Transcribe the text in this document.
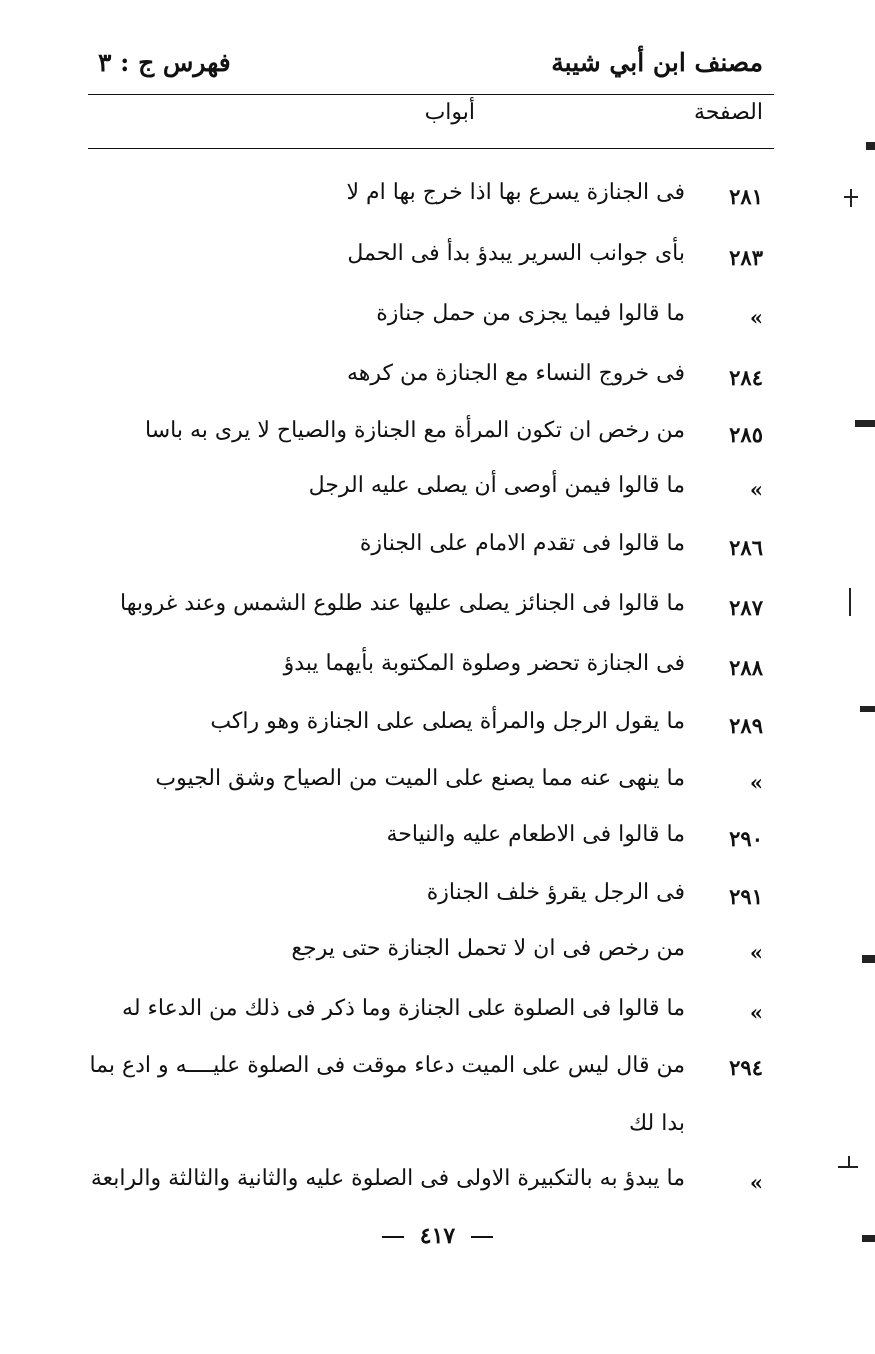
مصنف ابن أبي شيبة
فهرس ج : ٣
الصفحة
أبواب
٢٨١
فى الجنازة يسرع بها اذا خرج بها ام لا
٢٨٣
بأى جوانب السرير يبدؤ بدأ فى الحمل
»
ما قالوا فيما يجزى من حمل جنازة
٢٨٤
فى خروج النساء مع الجنازة من كرهه
٢٨٥
من رخص ان تكون المرأة مع الجنازة والصياح لا يرى به باسا
»
ما قالوا فيمن أوصى أن يصلى عليه الرجل
٢٨٦
ما قالوا فى تقدم الامام على الجنازة
٢٨٧
ما قالوا فى الجنائز يصلى عليها عند طلوع الشمس وعند غروبها
٢٨٨
فى الجنازة تحضر وصلوة المكتوبة بأيهما يبدؤ
٢٨٩
ما يقول الرجل والمرأة يصلى على الجنازة وهو راكب
»
ما ينهى عنه مما يصنع على الميت من الصياح وشق الجيوب
٢٩٠
ما قالوا فى الاطعام عليه والنياحة
٢٩١
فى الرجل يقرؤ خلف الجنازة
»
من رخص فى ان لا تحمل الجنازة حتى يرجع
»
ما قالوا فى الصلوة على الجنازة وما ذكر فى ذلك من الدعاء له
٢٩٤
من قال ليس على الميت دعاء موقت فى الصلوة عليــــه و ادع بما بدا لك
»
ما يبدؤ به بالتكبيرة الاولى فى الصلوة عليه والثانية والثالثة والرابعة
٤١٧
